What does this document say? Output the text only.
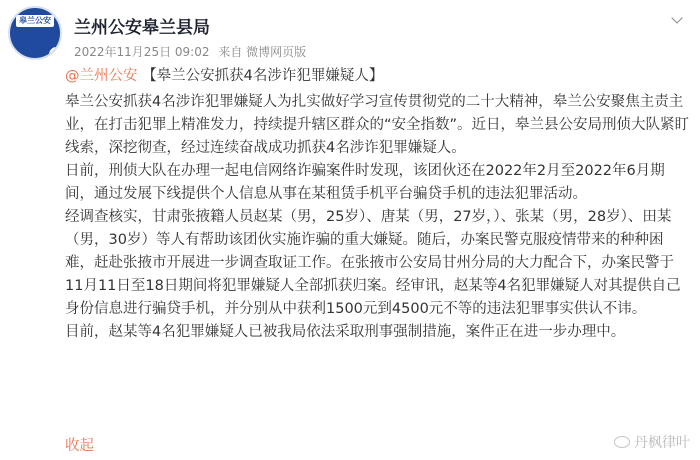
皋兰公安 兰州公安皋兰县局
2022年11月25日 09:02 来自 微博网页版
@兰州公安 【皋兰公安抓获4名涉诈犯罪嫌疑人】

皋兰公安抓获4名涉诈犯罪嫌疑人为扎实做好学习宣传贯彻党的二十大精神，皋兰公安聚焦主责主业，在打击犯罪上精准发力，持续提升辖区群众的“安全指数”。近日，皋兰县公安局刑侦大队紧盯线索，深挖彻查，经过连续奋战成功抓获4名涉诈犯罪嫌疑人。

日前，刑侦大队在办理一起电信网络诈骗案件时发现，该团伙还在2022年2月至2022年6月期间，通过发展下线提供个人信息从事在某租赁手机平台骗贷手机的违法犯罪活动。

经调查核实，甘肃张掖籍人员赵某（男，25岁）、唐某（男，27岁，）、张某（男，28岁）、田某（男，30岁）等人有帮助该团伙实施诈骗的重大嫌疑。随后，办案民警克服疫情带来的种种困难，赶赴张掖市开展进一步调查取证工作。在张掖市公安局甘州分局的大力配合下，办案民警于11月11日至18日期间将犯罪嫌疑人全部抓获归案。经审讯，赵某等4名犯罪嫌疑人对其提供自己身份信息进行骗贷手机，并分别从中获利1500元到4500元不等的违法犯罪事实供认不讳。

目前，赵某等4名犯罪嫌疑人已被我局依法采取刑事强制措施，案件正在进一步办理中。

收起	丹枫律叶
